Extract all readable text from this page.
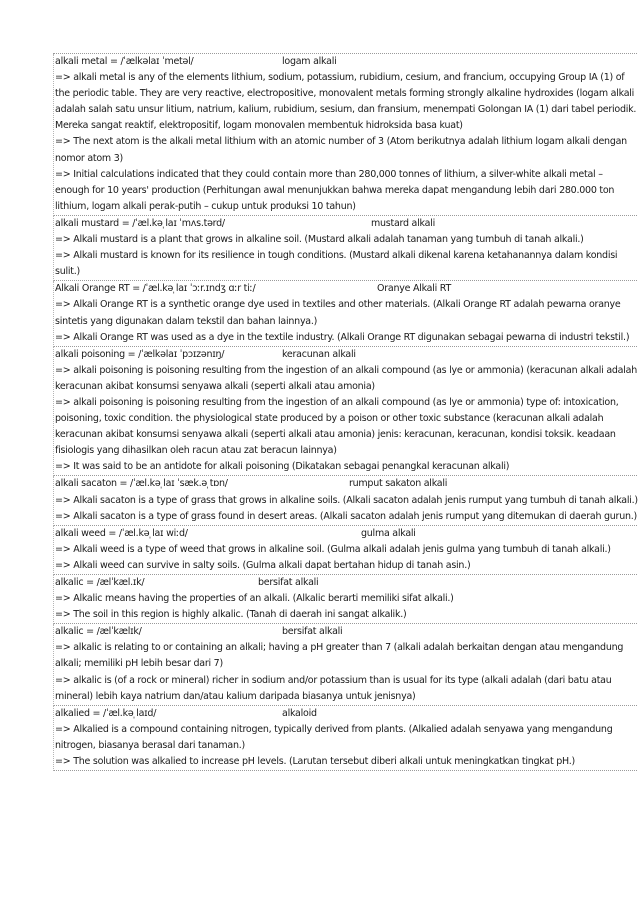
alkali metal = /ˈælkəlaɪ ˈmetəl/	logam alkali
=> alkali metal is any of the elements lithium, sodium, potassium, rubidium, cesium, and francium, occupying Group IA (1) of the periodic table. They are very reactive, electropositive, monovalent metals forming strongly alkaline hydroxides (logam alkali adalah salah satu unsur litium, natrium, kalium, rubidium, sesium, dan fransium, menempati Golongan IA (1) dari tabel periodik. Mereka sangat reaktif, elektropositif, logam monovalen membentuk hidroksida basa kuat)
=> The next atom is the alkali metal lithium with an atomic number of 3 (Atom berikutnya adalah lithium logam alkali dengan nomor atom 3)
=> Initial calculations indicated that they could contain more than 280,000 tonnes of lithium, a silver-white alkali metal – enough for 10 years' production (Perhitungan awal menunjukkan bahwa mereka dapat mengandung lebih dari 280.000 ton lithium, logam alkali perak-putih – cukup untuk produksi 10 tahun)
alkali mustard = /ˈæl.kə ̩laɪ ˈmʌs.tərd/	mustard alkali
=> Alkali mustard is a plant that grows in alkaline soil. (Mustard alkali adalah tanaman yang tumbuh di tanah alkali.)
=> Alkali mustard is known for its resilience in tough conditions. (Mustard alkali dikenal karena ketahanannya dalam kondisi sulit.)
Alkali Orange RT = /ˈæl.kə ̩laɪ ˈɔːr.ɪndʒ ɑːr tiː/	Oranye Alkali RT
=> Alkali Orange RT is a synthetic orange dye used in textiles and other materials. (Alkali Orange RT adalah pewarna oranye sintetis yang digunakan dalam tekstil dan bahan lainnya.)
=> Alkali Orange RT was used as a dye in the textile industry. (Alkali Orange RT digunakan sebagai pewarna di industri tekstil.)
alkali poisoning = /ˈælkəlaɪ ˈpɔɪzənɪŋ/	keracunan alkali
=> alkali poisoning is poisoning resulting from the ingestion of an alkali compound (as lye or ammonia) (keracunan alkali adalah keracunan akibat konsumsi senyawa alkali (seperti alkali atau amonia)
=> alkali poisoning is poisoning resulting from the ingestion of an alkali compound (as lye or ammonia) type of: intoxication, poisoning, toxic condition. the physiological state produced by a poison or other toxic substance (keracunan alkali adalah keracunan akibat konsumsi senyawa alkali (seperti alkali atau amonia) jenis: keracunan, keracunan, kondisi toksik. keadaan fisiologis yang dihasilkan oleh racun atau zat beracun lainnya)
=> It was said to be an antidote for alkali poisoning (Dikatakan sebagai penangkal keracunan alkali)
alkali sacaton = /ˈæl.kə ̩laɪ ˈsæk.ə ̩tɒn/	rumput sakaton alkali
=> Alkali sacaton is a type of grass that grows in alkaline soils. (Alkali sacaton adalah jenis rumput yang tumbuh di tanah alkali.)
=> Alkali sacaton is a type of grass found in desert areas. (Alkali sacaton adalah jenis rumput yang ditemukan di daerah gurun.)
alkali weed = /ˈæl.kə ̩laɪ wiːd/	gulma alkali
=> Alkali weed is a type of weed that grows in alkaline soil. (Gulma alkali adalah jenis gulma yang tumbuh di tanah alkali.)
=> Alkali weed can survive in salty soils. (Gulma alkali dapat bertahan hidup di tanah asin.)
alkalic = /ælˈkæl.ɪk/	bersifat alkali
=> Alkalic means having the properties of an alkali. (Alkalic berarti memiliki sifat alkali.)
=> The soil in this region is highly alkalic. (Tanah di daerah ini sangat alkalik.)
alkalic = /ælˈkælɪk/	bersifat alkali
=> alkalic is relating to or containing an alkali; having a pH greater than 7 (alkali adalah berkaitan dengan atau mengandung alkali; memiliki pH lebih besar dari 7)
=> alkalic is (of a rock or mineral) richer in sodium and/or potassium than is usual for its type (alkali adalah (dari batu atau mineral) lebih kaya natrium dan/atau kalium daripada biasanya untuk jenisnya)
alkalied = /ˈæl.kə ̩laɪd/	alkaloid
=> Alkalied is a compound containing nitrogen, typically derived from plants. (Alkalied adalah senyawa yang mengandung nitrogen, biasanya berasal dari tanaman.)
=> The solution was alkalied to increase pH levels. (Larutan tersebut diberi alkali untuk meningkatkan tingkat pH.)
